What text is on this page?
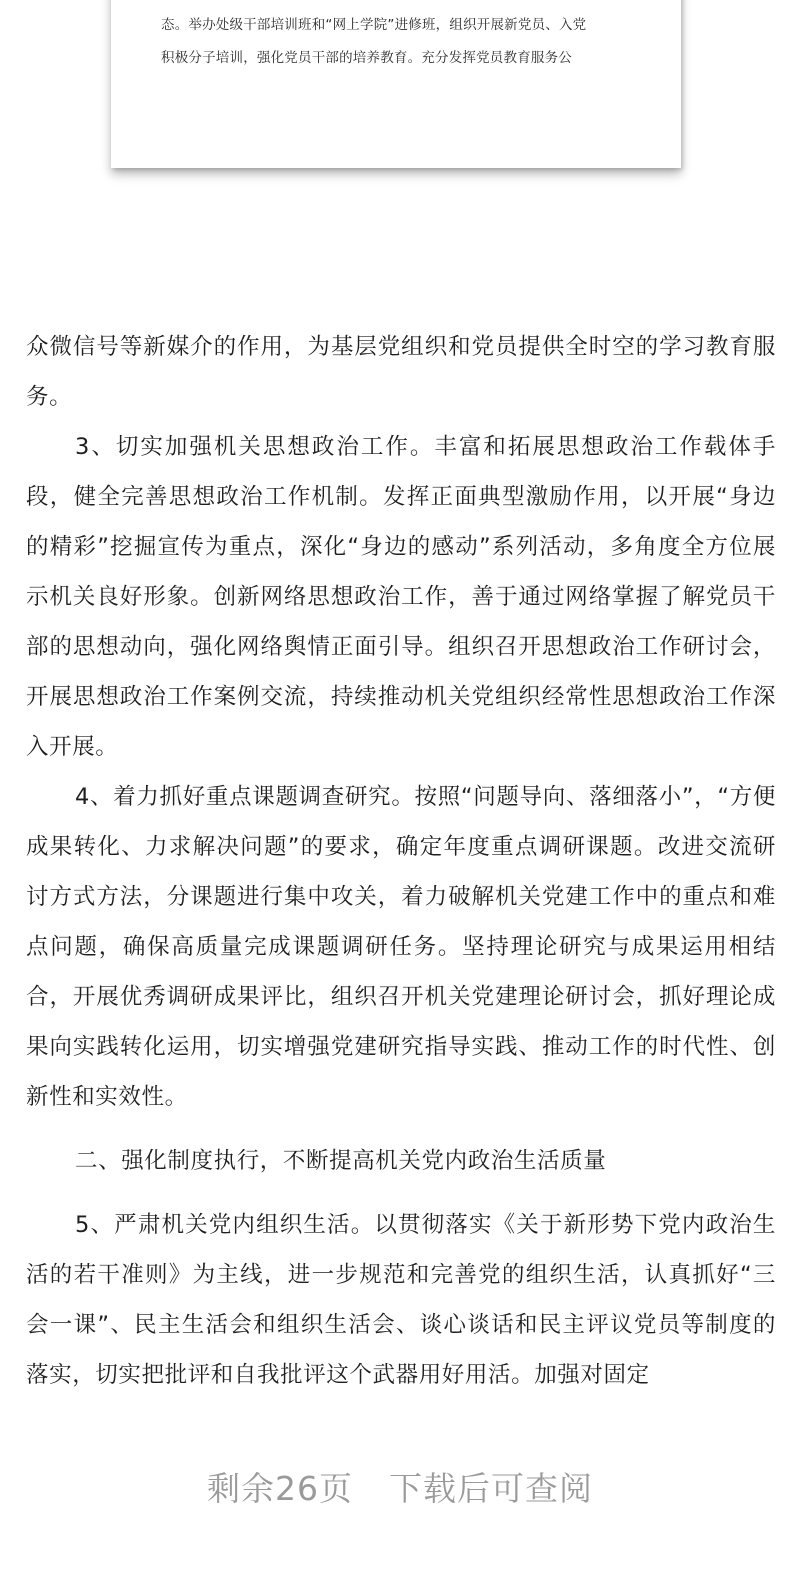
态。举办处级干部培训班和“网上学院”进修班，组织开展新党员、入党
积极分子培训，强化党员干部的培养教育。充分发挥党员教育服务公

众微信号等新媒介的作用，为基层党组织和党员提供全时空的学习教育服务。

3、切实加强机关思想政治工作。丰富和拓展思想政治工作载体手段，健全完善思想政治工作机制。发挥正面典型激励作用，以开展“身边的精彩”挖掘宣传为重点，深化“身边的感动”系列活动，多角度全方位展示机关良好形象。创新网络思想政治工作，善于通过网络掌握了解党员干部的思想动向，强化网络舆情正面引导。组织召开思想政治工作研讨会，开展思想政治工作案例交流，持续推动机关党组织经常性思想政治工作深入开展。

4、着力抓好重点课题调查研究。按照“问题导向、落细落小”，“方便成果转化、力求解决问题”的要求，确定年度重点调研课题。改进交流研讨方式方法，分课题进行集中攻关，着力破解机关党建工作中的重点和难点问题，确保高质量完成课题调研任务。坚持理论研究与成果运用相结合，开展优秀调研成果评比，组织召开机关党建理论研讨会，抓好理论成果向实践转化运用，切实增强党建研究指导实践、推动工作的时代性、创新性和实效性。

二、强化制度执行，不断提高机关党内政治生活质量

5、严肃机关党内组织生活。以贯彻落实《关于新形势下党内政治生活的若干准则》为主线，进一步规范和完善党的组织生活，认真抓好“三会一课”、民主生活会和组织生活会、谈心谈话和民主评议党员等制度的落实，切实把批评和自我批评这个武器用好用活。加强对固定

剩余26页 下载后可查阅
